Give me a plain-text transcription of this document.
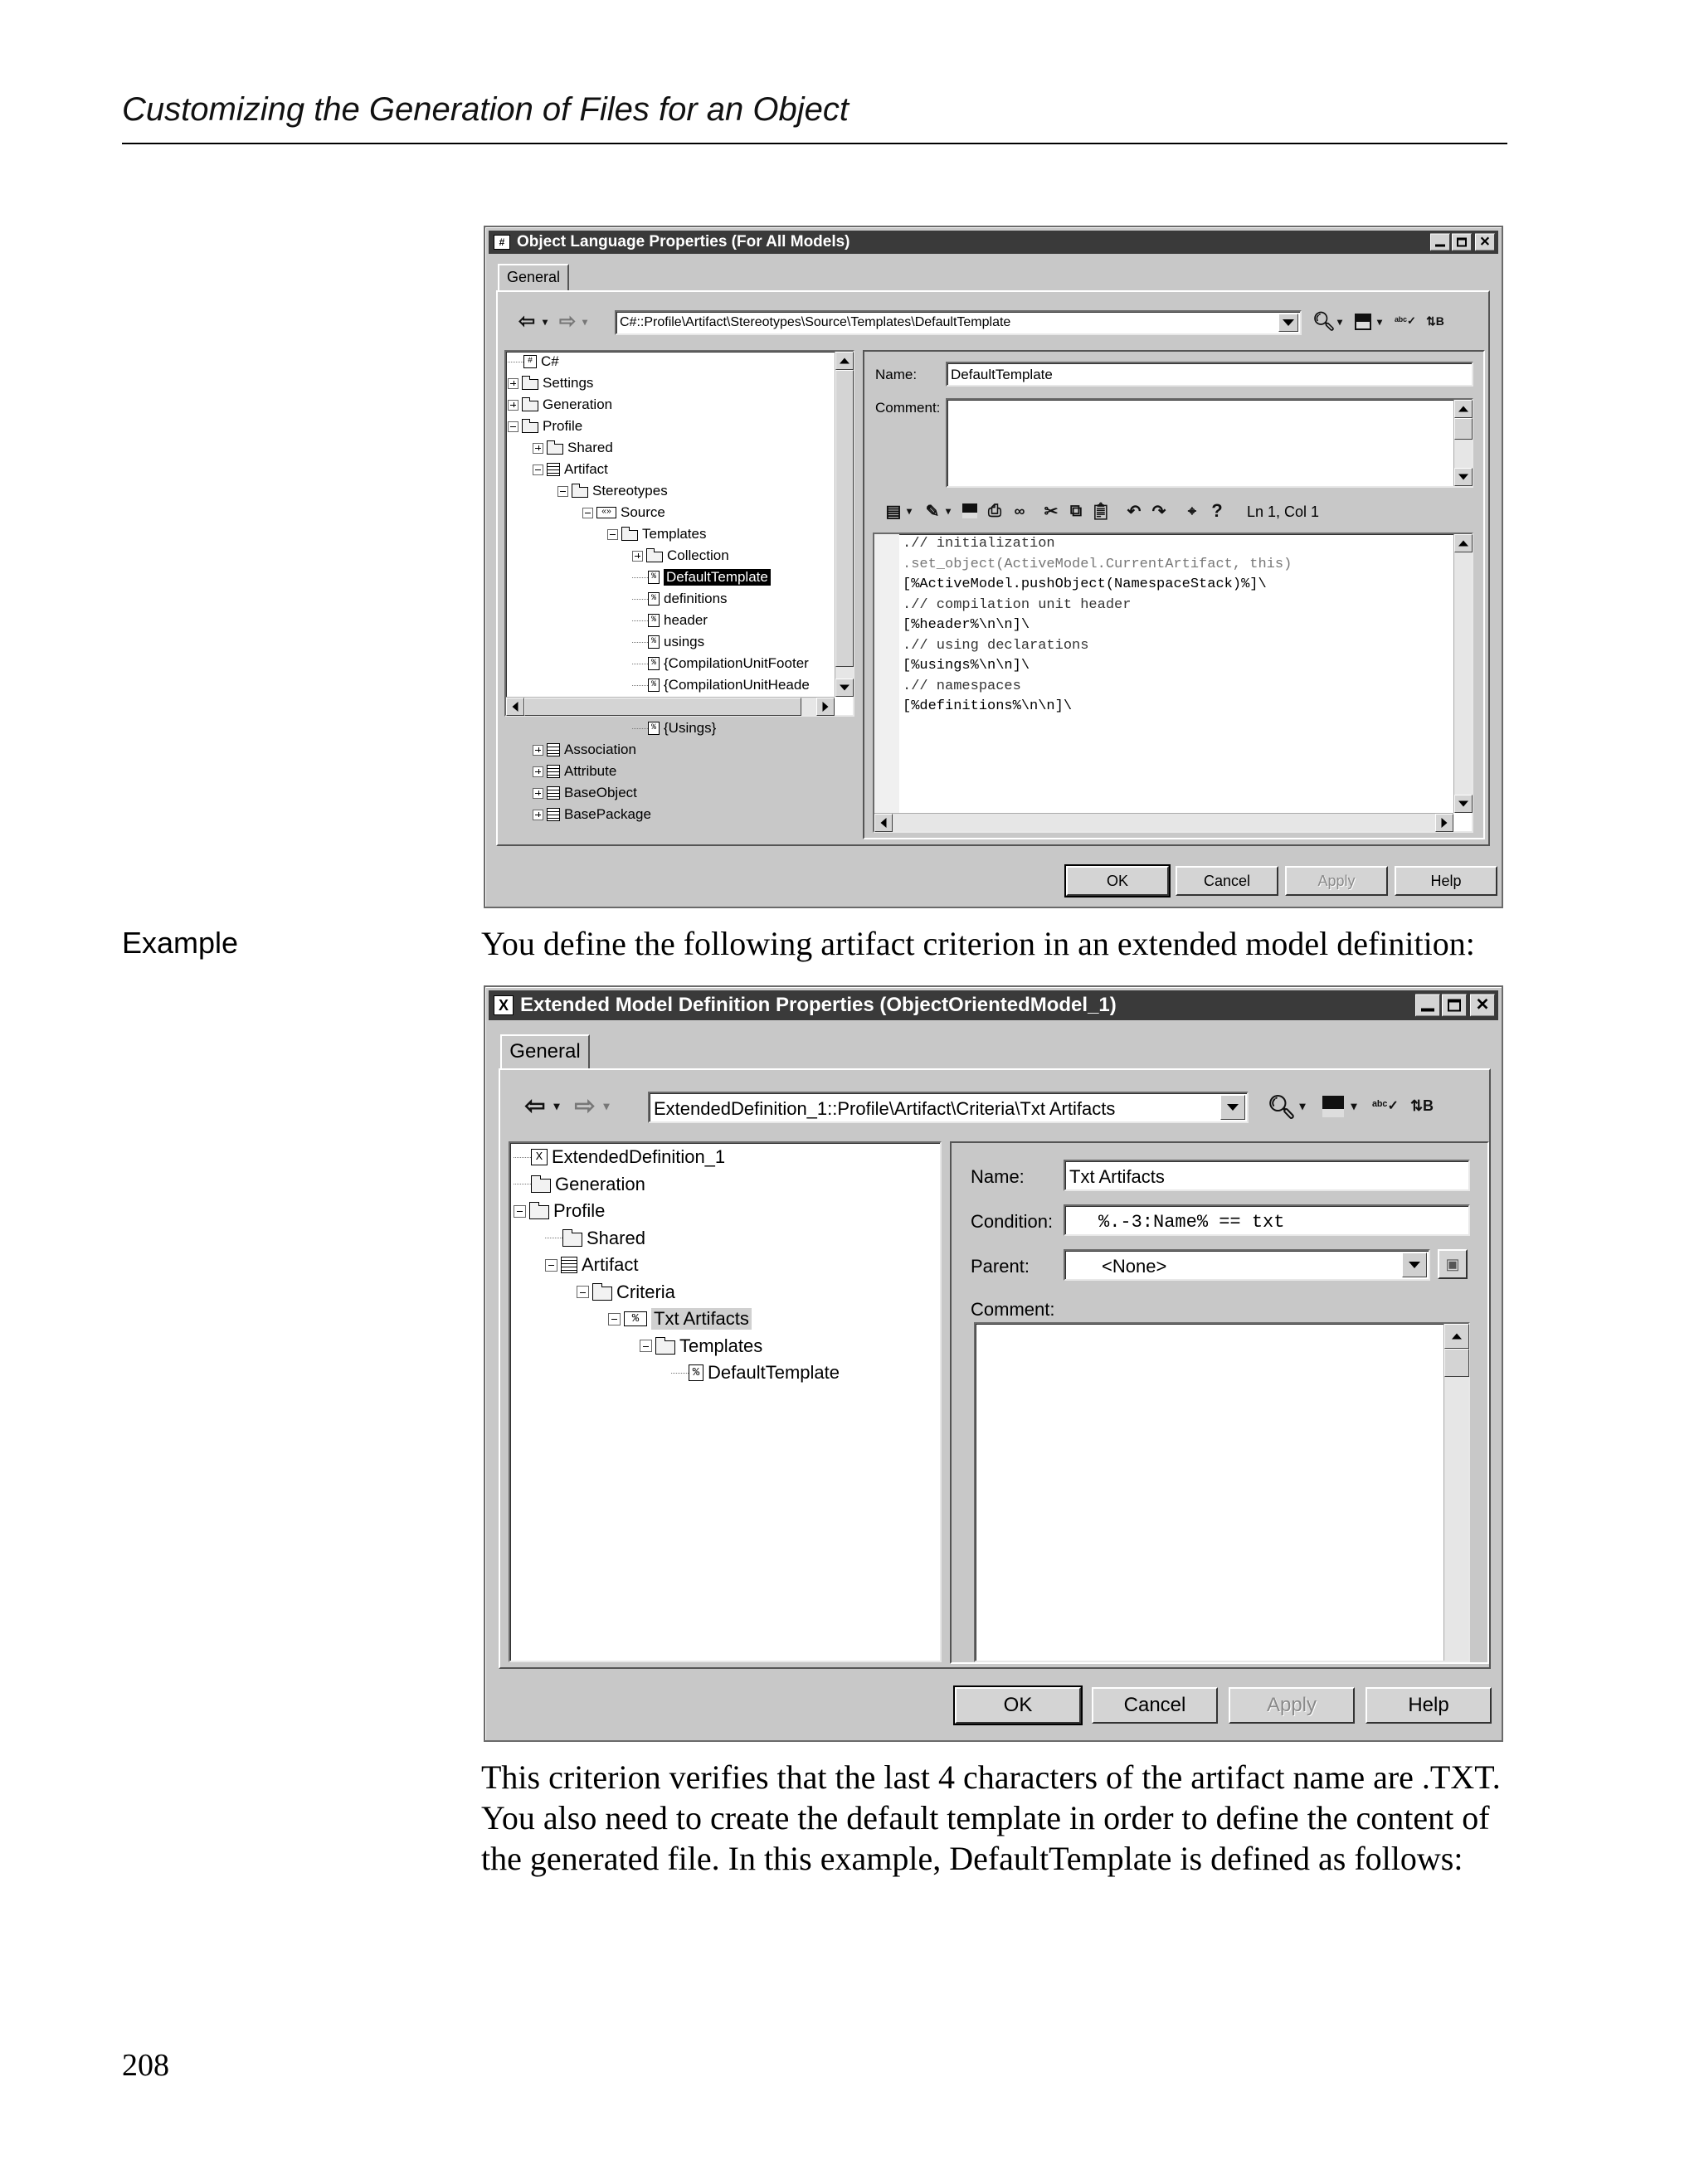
Customizing the Generation of Files for an Object
# Object Language Properties (For All Models)	✕
General
⇦ ▾ ⇨ ▾ C#::Profile\Artifact\Stereotypes\Source\Templates\DefaultTemplate	🔍︎ ▾	▾ ᵃᵇᶜ✓ ⇅B
# C#
Settings
Generation
Profile
Shared
Artifact
Stereotypes
«» Source
Templates
Collection
% DefaultTemplate
% definitions
% header
% usings
% {CompilationUnitFooter
% {CompilationUnitHeade
% {Usings}
Association
Attribute
BaseObject
BasePackage
Name: DefaultTemplate
Comment:
▤ ▾ ✎ ▾	⎙ ∞	✂ ⧉ 📋︎ ↶ ↷	⌖ ?	Ln 1, Col 1
.// initialization
.set_object(ActiveModel.CurrentArtifact, this)
[%ActiveModel.pushObject(NamespaceStack)%]\
.// compilation unit header
[%header%\n\n]\
.// using declarations
[%usings%\n\n]\
.// namespaces
[%definitions%\n\n]\
OK	Cancel	Apply	Help
Example	You define the following artifact criterion in an extended model definition:
X Extended Model Definition Properties (ObjectOrientedModel_1)	✕
General
⇦ ▾ ⇨ ▾ ExtendedDefinition_1::Profile\Artifact\Criteria\Txt Artifacts	🔍︎ ▾	▾ ᵃᵇᶜ✓ ⇅B
X ExtendedDefinition_1
Generation
Profile
Shared
Artifact
Criteria
% Txt Artifacts
Templates
% DefaultTemplate
Name: Txt Artifacts
Condition: %.-3:Name% == txt
Parent:	<None>	▣
Comment:
OK	Cancel	Apply	Help
This criterion verifies that the last 4 characters of the artifact name are .TXT.
You also need to create the default template in order to define the content of
the generated file. In this example, DefaultTemplate is defined as follows:
208
